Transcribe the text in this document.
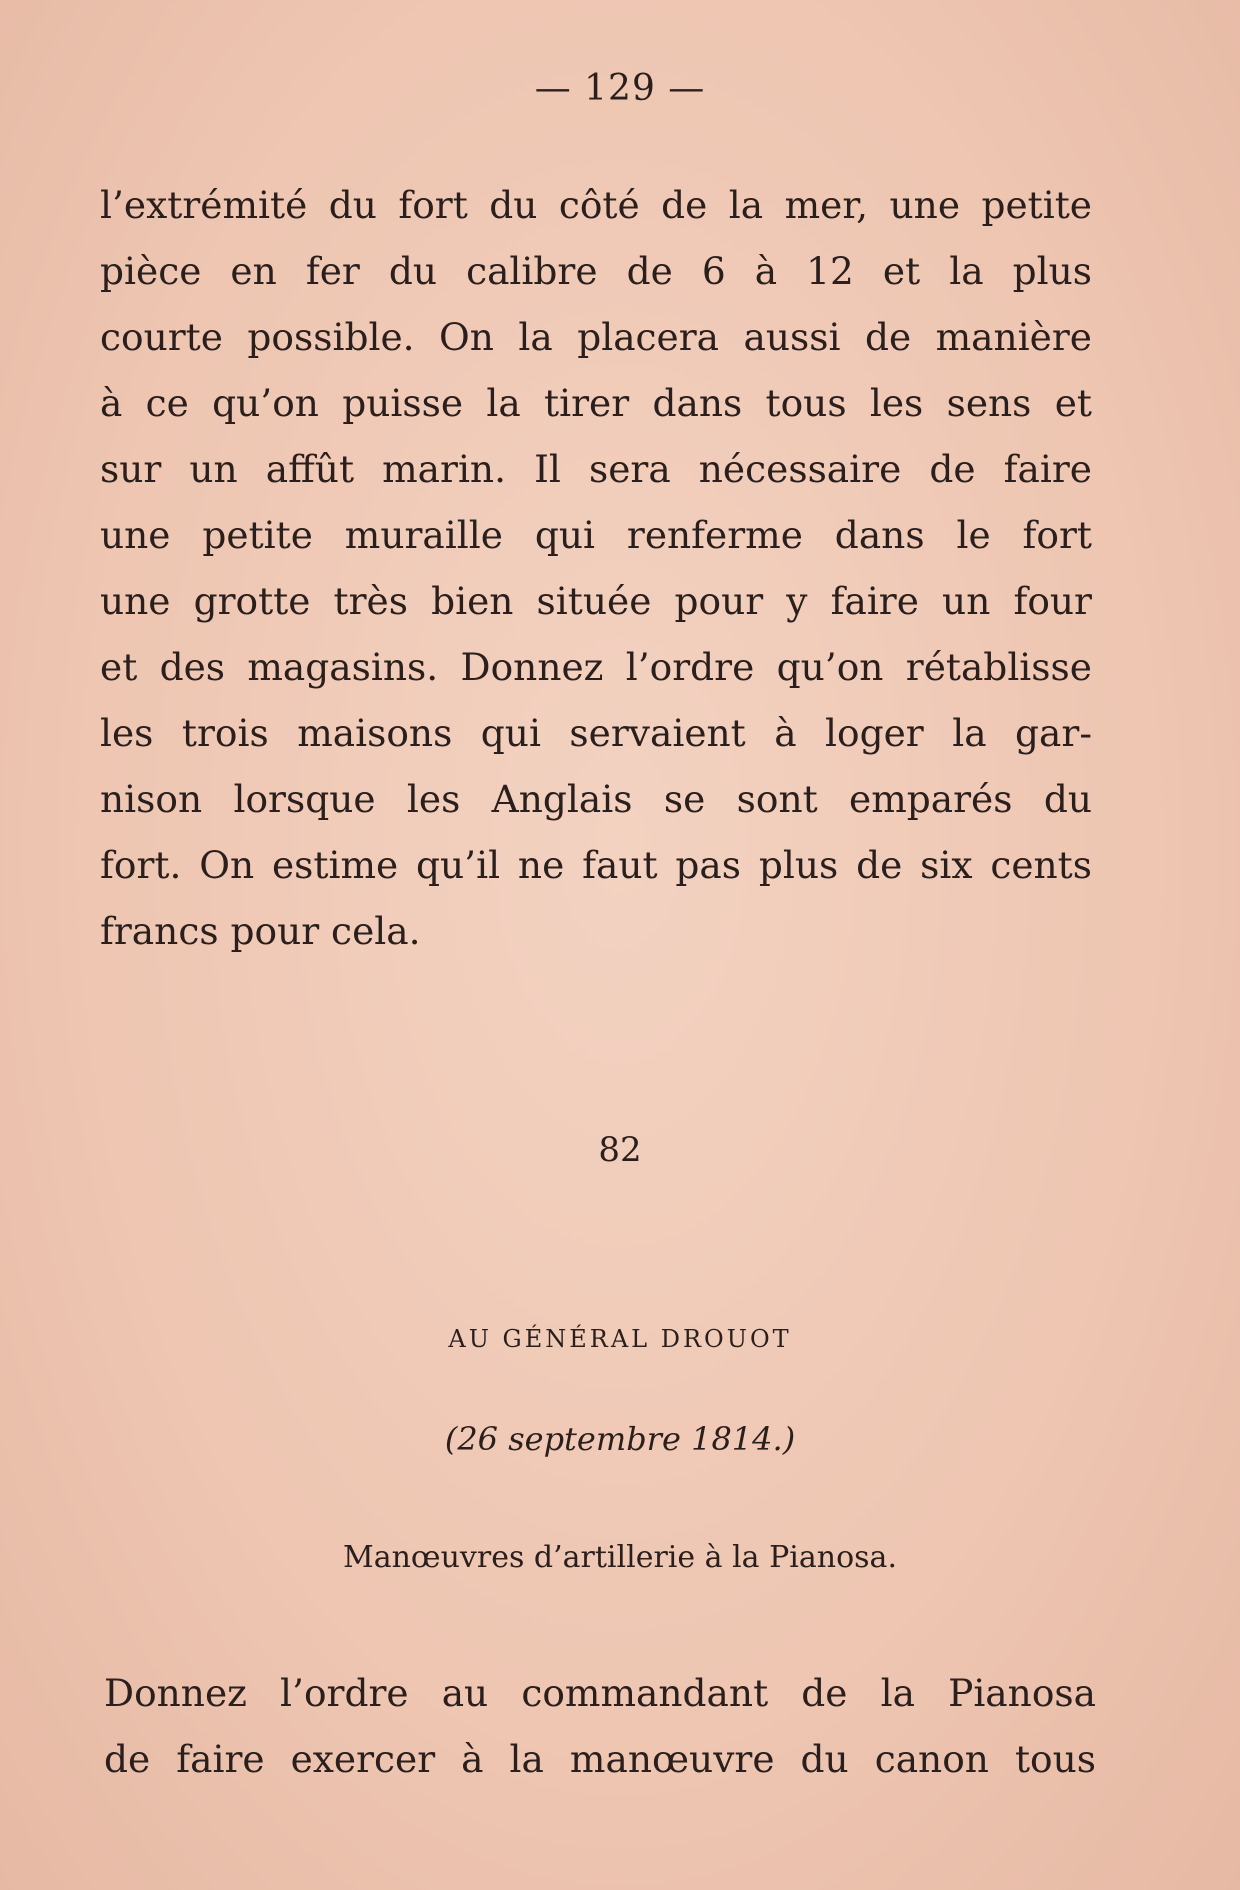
— 129 —
l’extrémité du fort du côté de la mer, une petite
pièce en fer du calibre de 6 à 12 et la plus
courte possible. On la placera aussi de manière
à ce qu’on puisse la tirer dans tous les sens et
sur un affût marin. Il sera nécessaire de faire
une petite muraille qui renferme dans le fort
une grotte très bien située pour y faire un four
et des magasins. Donnez l’ordre qu’on rétablisse
les trois maisons qui servaient à loger la gar-
nison lorsque les Anglais se sont emparés du
fort. On estime qu’il ne faut pas plus de six cents
francs pour cela.
82
AU GÉNÉRAL DROUOT
(26 septembre 1814.)
Manœuvres d’artillerie à la Pianosa.
Donnez l’ordre au commandant de la Pianosa
de faire exercer à la manœuvre du canon tous
